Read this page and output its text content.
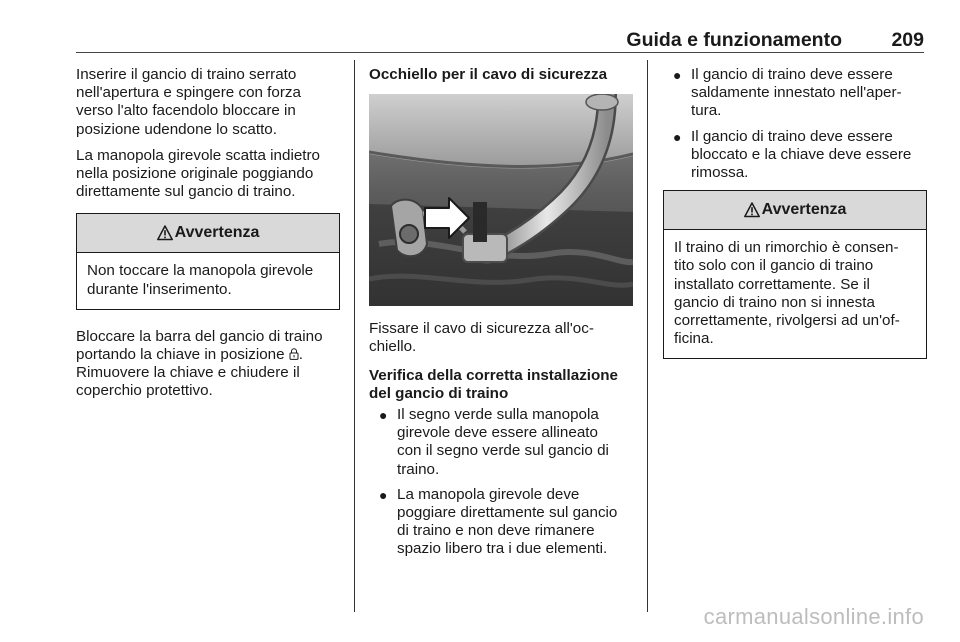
Guida e funzionamento	209

Inserire il gancio di traino serrato
nell'apertura e spingere con forza
verso l'alto facendolo bloccare in
posizione udendone lo scatto.

La manopola girevole scatta indietro
nella posizione originale poggiando
direttamente sul gancio di traino.

Avvertenza
Non toccare la manopola girevole
durante l'inserimento.

Bloccare la barra del gancio di traino
portando la chiave in posizione .
Rimuovere la chiave e chiudere il
coperchio protettivo.

Occhiello per il cavo di sicurezza

Fissare il cavo di sicurezza all'oc-
chiello.

Verifica della corretta installazione
del gancio di traino
● Il segno verde sulla manopola
girevole deve essere allineato
con il segno verde sul gancio di
traino.
● La manopola girevole deve
poggiare direttamente sul gancio
di traino e non deve rimanere
spazio libero tra i due elementi.
● Il gancio di traino deve essere
saldamente innestato nell'aper-
tura.
● Il gancio di traino deve essere
bloccato e la chiave deve essere
rimossa.
Avvertenza
Il traino di un rimorchio è consen-
tito solo con il gancio di traino
installato correttamente. Se il
gancio di traino non si innesta
correttamente, rivolgersi ad un'of-
ficina.
carmanualsonline.info
